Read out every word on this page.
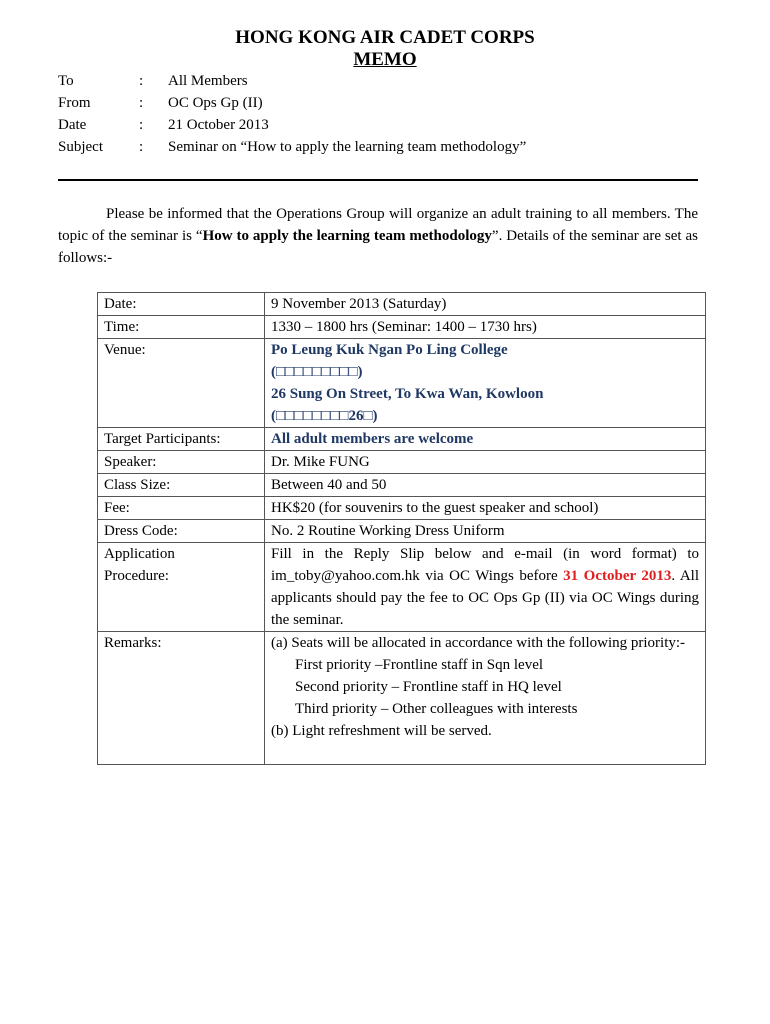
HONG KONG AIR CADET CORPS
MEMO
To	: All Members
From	: OC Ops Gp (II)
Date	: 21 October 2013
Subject : Seminar on “How to apply the learning team methodology”
Please be informed that the Operations Group will organize an adult training to all members. The topic of the seminar is “How to apply the learning team methodology”. Details of the seminar are set as follows:-
Date:	9 November 2013 (Saturday)
Time:	1330 – 1800 hrs (Seminar: 1400 – 1730 hrs)
Venue:	Po Leung Kuk Ngan Po Ling College
(□□□□□□□□□)
26 Sung On Street, To Kwa Wan, Kowloon
(□□□□□□□□26□)

Target Participants:	All adult members are welcome
Speaker:	Dr. Mike FUNG
Class Size:	Between 40 and 50
Fee:	HK$20 (for souvenirs to the guest speaker and school)
Dress Code:	No. 2 Routine Working Dress Uniform

Application
Procedure:	Fill in the Reply Slip below and e-mail (in word format) to im_toby@yahoo.com.hk via OC Wings before 31 October 2013. All applicants should pay the fee to OC Ops Gp (II) via OC Wings during the seminar.
Remarks:	(a) Seats will be allocated in accordance with the following priority:-
First priority –Frontline staff in Sqn level
Second priority – Frontline staff in HQ level
Third priority – Other colleagues with interests
(b) Light refreshment will be served.
